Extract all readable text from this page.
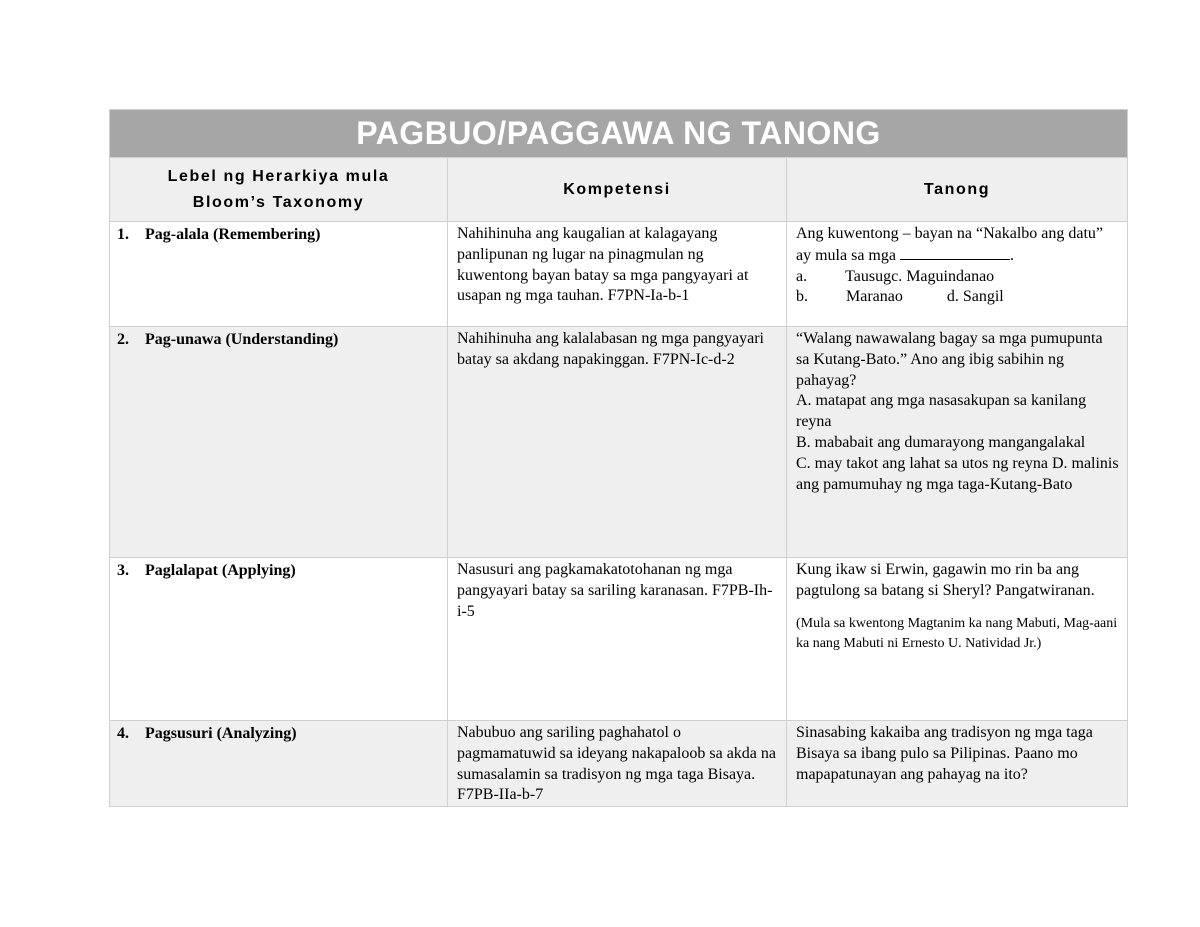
PAGBUO/PAGGAWA NG TANONG		

Lebel ng Herarkiya mula
Bloom’s Taxonomy	Kompetensi	Tanong
1. Pag-alala (Remembering)	Nahihinuha ang kaugalian at kalagayang panlipunan ng lugar na pinagmulan ng kuwentong bayan batay sa mga pangyayari at usapan ng mga tauhan. F7PN-Ia-b-1	Ang kuwentong – bayan na “Nakalbo ang datu” ay mula sa mga .
a. Tausugc. Maguindanao
b. Maranao d. Sangil

2. Pag-unawa (Understanding)	Nahihinuha ang kalalabasan ng mga pangyayari batay sa akdang napakinggan. F7PN-Ic-d-2	“Walang nawawalang bagay sa mga pumupunta sa Kutang-Bato.” Ano ang ibig sabihin ng pahayag?
A. matapat ang mga nasasakupan sa kanilang reyna
B. mababait ang dumarayong mangangalakal
C. may takot ang lahat sa utos ng reyna D. malinis ang pamumuhay ng mga taga-Kutang-Bato

3. Paglalapat (Applying)	Nasusuri ang pagkamakatotohanan ng mga pangyayari batay sa sariling karanasan. F7PB-Ih-i-5	Kung ikaw si Erwin, gagawin mo rin ba ang pagtulong sa batang si Sheryl? Pangatwiranan.
(Mula sa kwentong Magtanim ka nang Mabuti, Mag-aani ka nang Mabuti ni Ernesto U. Natividad Jr.)

4. Pagsusuri (Analyzing)	Nabubuo ang sariling paghahatol o pagmamatuwid sa ideyang nakapaloob sa akda na sumasalamin sa tradisyon ng mga taga Bisaya. F7PB-IIa-b-7	Sinasabing kakaiba ang tradisyon ng mga taga Bisaya sa ibang pulo sa Pilipinas. Paano mo mapapatunayan ang pahayag na ito?
